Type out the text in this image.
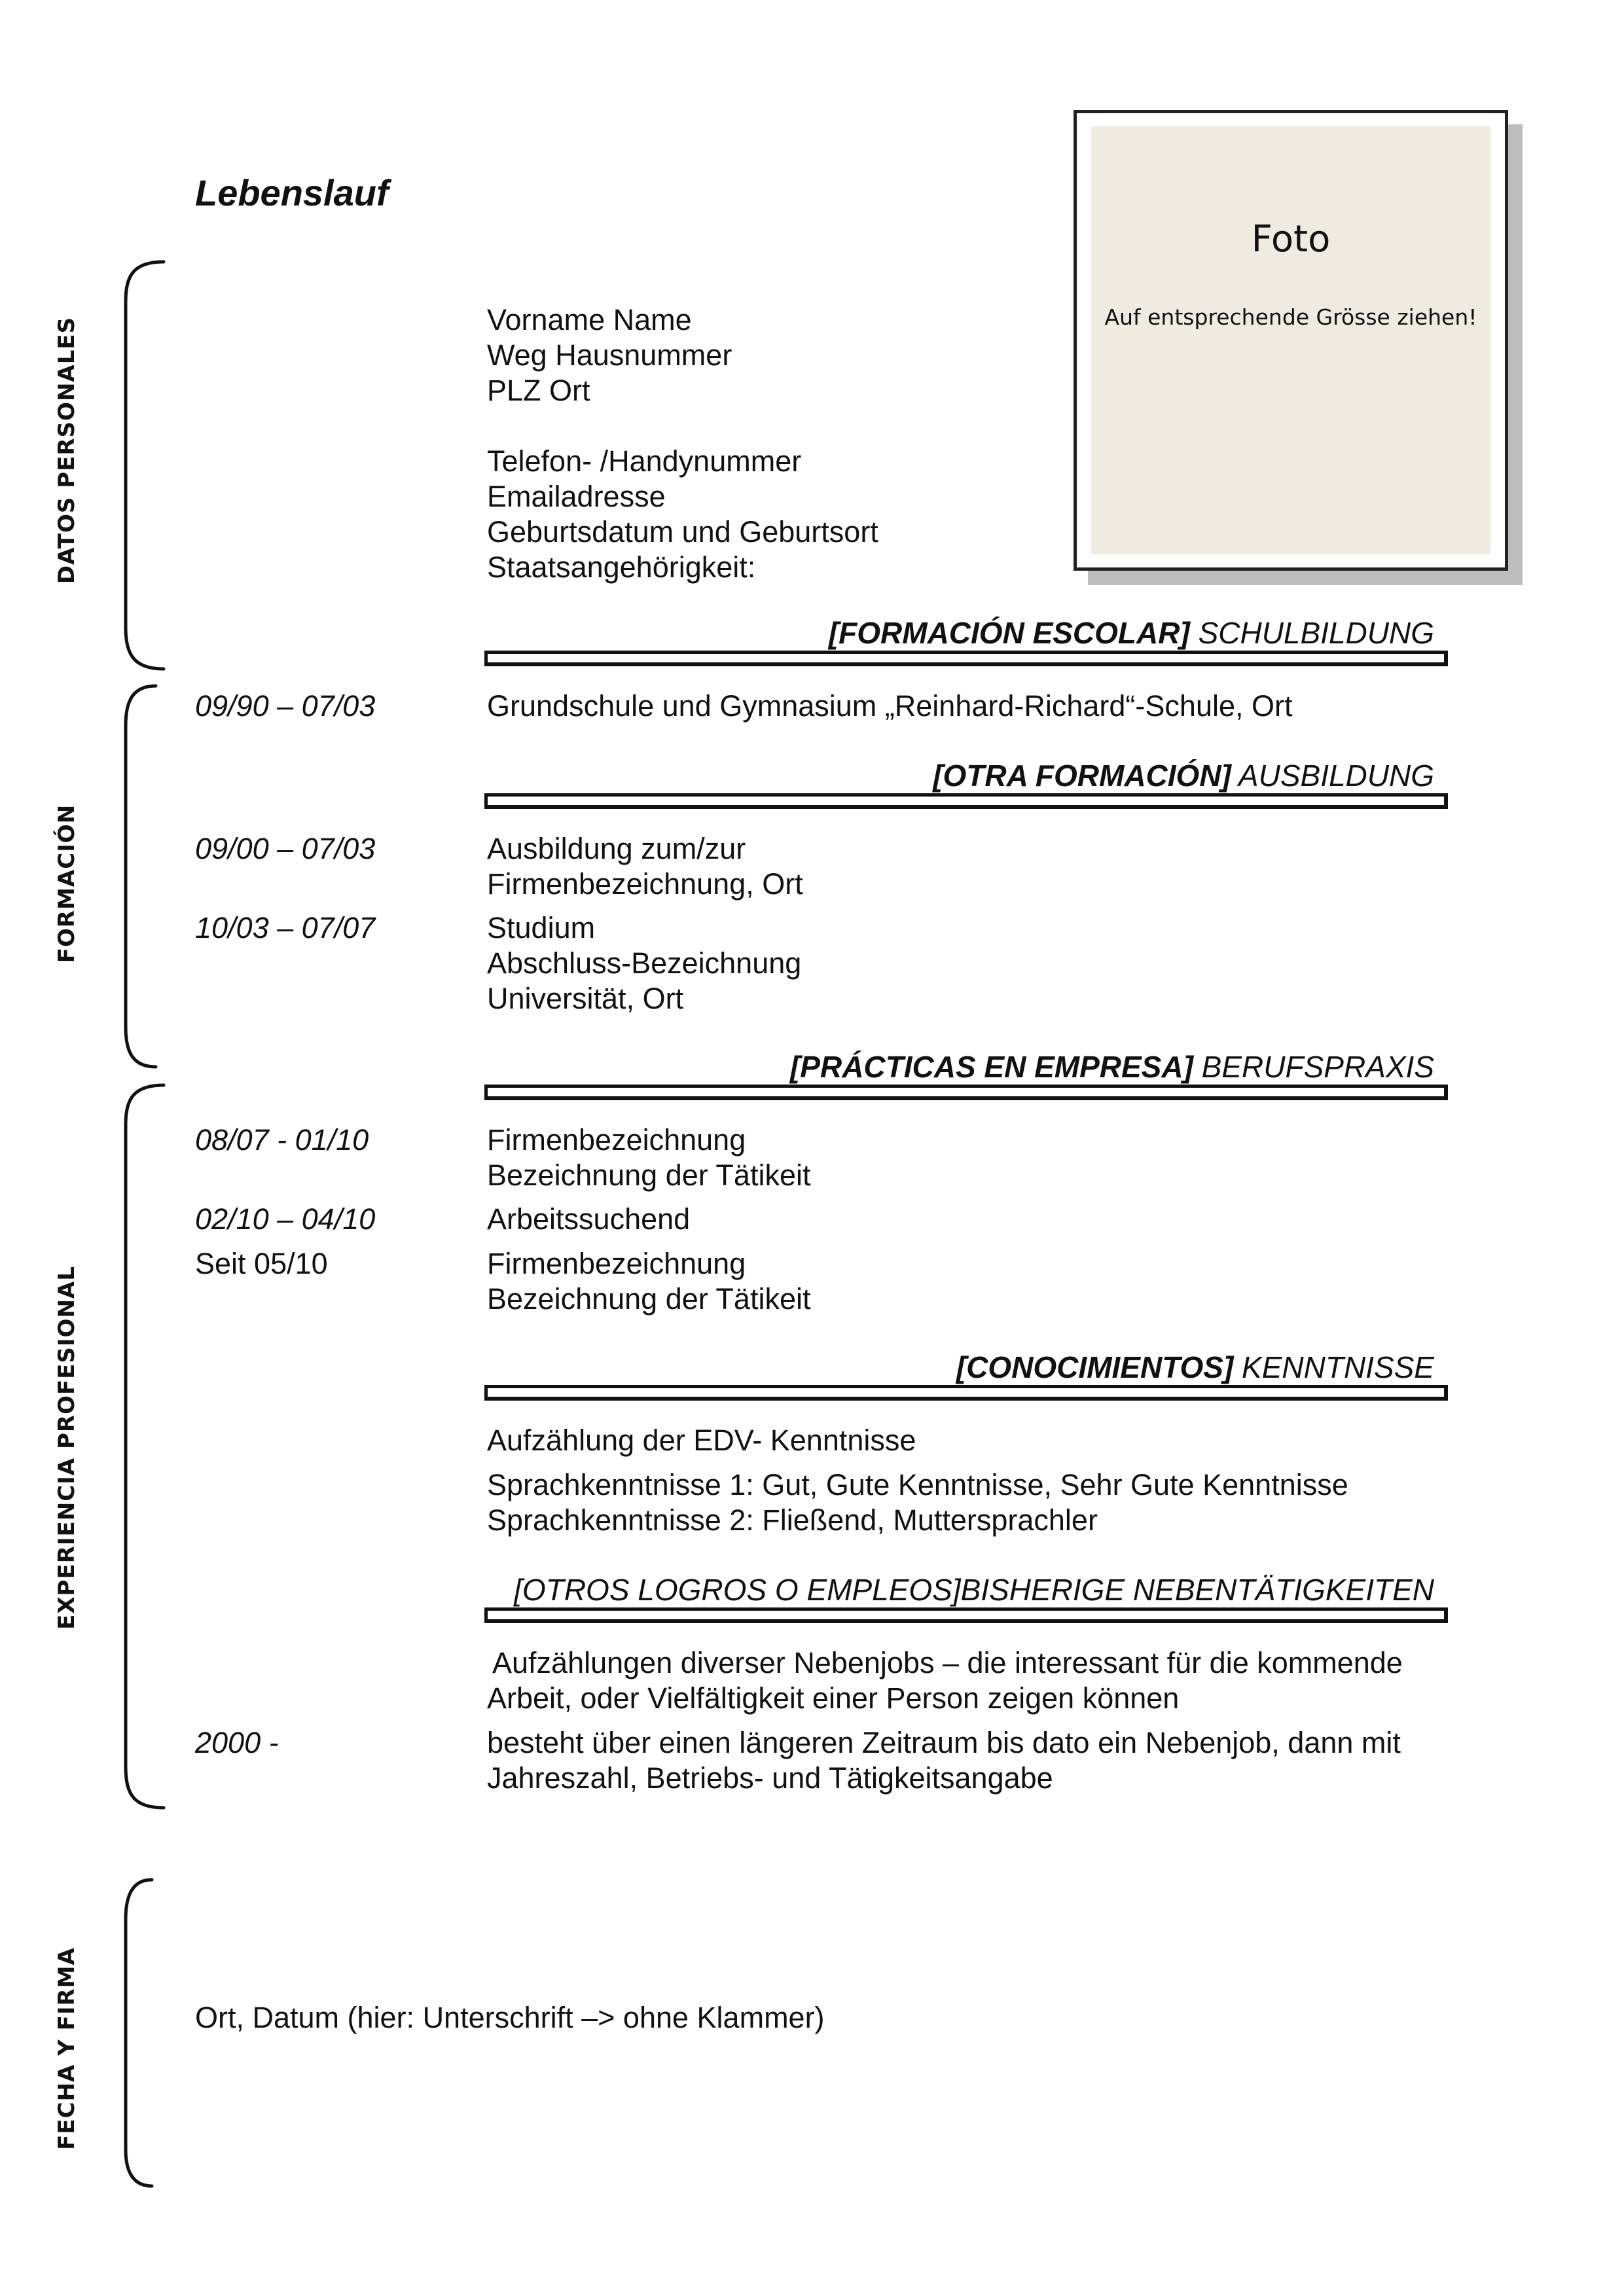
DATOS PERSONALES
FORMACIÓN
EXPERIENCIA PROFESIONAL
FECHA Y FIRMA
Lebenslauf
Foto
Auf entsprechende Grösse ziehen!
Vorname Name
Weg Hausnummer
PLZ Ort
Telefon- /Handynummer
Emailadresse
Geburtsdatum und Geburtsort
Staatsangehörigkeit:
[FORMACIÓN ESCOLAR] SCHULBILDUNG
09/90 – 07/03	Grundschule und Gymnasium „Reinhard-Richard“-Schule, Ort
[OTRA FORMACIÓN] AUSBILDUNG
09/00 – 07/03	Ausbildung zum/zur
Firmenbezeichnung, Ort
10/03 – 07/07	Studium
Abschluss-Bezeichnung
Universität, Ort
[PRÁCTICAS EN EMPRESA] BERUFSPRAXIS
08/07 - 01/10	Firmenbezeichnung
Bezeichnung der Tätikeit
02/10 – 04/10	Arbeitssuchend
Seit 05/10	Firmenbezeichnung
Bezeichnung der Tätikeit
[CONOCIMIENTOS] KENNTNISSE
Aufzählung der EDV- Kenntnisse
Sprachkenntnisse 1: Gut, Gute Kenntnisse, Sehr Gute Kenntnisse
Sprachkenntnisse 2: Fließend, Muttersprachler
[OTROS LOGROS O EMPLEOS]BISHERIGE NEBENTÄTIGKEITEN
Aufzählungen diverser Nebenjobs – die interessant für die kommende
Arbeit, oder Vielfältigkeit einer Person zeigen können
2000 -	besteht über einen längeren Zeitraum bis dato ein Nebenjob, dann mit
Jahreszahl, Betriebs- und Tätigkeitsangabe
Ort, Datum (hier: Unterschrift –> ohne Klammer)
